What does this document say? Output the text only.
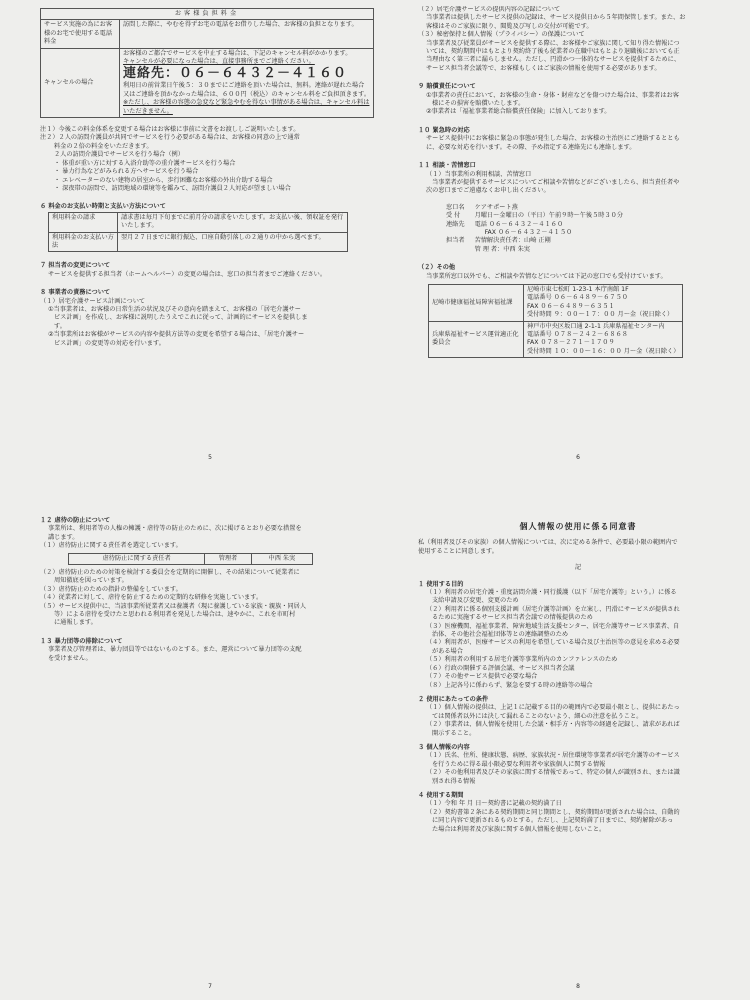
お客様負担料金	

サービス実施の為にお客様のお宅で使用する電話料金	訪問した際に、やむを得ずお宅の電話をお借りした場合、お客様の負担となります。

キャンセルの場合	お客様のご都合でサービスを中止する場合は、下記のキャンセル料がかかります。

キャンセルが必要になった場合は、直接事務所までご連絡ください。

連絡先：０６－６４３２－４１６０

利用日の前営業日午後５：３０までにご連絡を頂いた場合は、無料。連絡が遅れた場合又はご連絡を頂かなかった場合は、６００円（税込）のキャンセル料をご負担頂きます。

※ただし、お客様の容態の急変など緊急やむを得ない事情がある場合は、キャンセル料はいただきません。

注１）今後この料金体系を変更する場合はお客様に事前に文書をお渡ししご説明いたします。

注２）２人の訪問介護員が共同でサービスを行う必要がある場合は、お客様の同意の上で通常

料金の２倍の料金をいただきます。

２人の訪問介護員でサービスを行う場合（例）

・ 体重が重い方に対する入浴介助等の重介護サービスを行う場合

・ 暴力行為などがみられる方へサービスを行う場合

・ エレベーターのない建物の居室から、歩行困難なお客様の外出介助する場合

・ 深夜帯の訪問で、訪問地域の環境等を鑑みて、訪問介護員２人対応が望ましい場合

６ 料金のお支払い時期と支払い方法について

利用料金の請求	請求書は毎月下旬までに前月分の請求をいたします。お支払い後、領収証を発行いたします。
利用料金のお支払い方法	翌月２７日までに銀行振込、口座自動引落しの２通りの中から選べます。

７ 担当者の変更について

サービスを提供する担当者（ホームヘルパー）の変更の場合は、窓口の担当者までご連絡ください。

８ 事業者の責務について

（１）居宅介護サービス計画について

①当事業者は、お客様の日常生活の状況及びその意向を踏まえて、お客様の「居宅介護サー

ビス計画」を作成し、お客様に説明したうえでこれに従って、計画的にサービスを提供しま

す。

②当事業所はお客様がサービスの内容や提供方法等の変更を希望する場合は、「居宅介護サー

ビス計画」の変更等の対応を行います。

5

（２）居宅介護サービスの提供内容の記録について

当事業者は提供したサービス提供の記録は、サービス提供日から５年間保管します。また、お

客様はそのご家族に限り、閲覧及び写しの交付が可能です。

（３）秘密保持と個人情報（プライバシー）の保護について

当事業者及び従業員がサービスを提供する際に、お客様やご家族に関して知り得た情報につ

いては、契約期間中はもとより契約終了後も従業者の在職中はもとより退職後においても正

当理由なく第三者に漏らしません。ただし、円滑かつ一体的なサービスを提供するために、

サービス担当者会議等で、お客様もしくはご家族の情報を使用する必要があります。

９ 賠償責任について

①事業者の責任において、お客様の生命・身体・財産などを傷つけた場合は、事業者はお客

様にその損害を賠償いたします。

②事業者は「福祉事業者総合賠償責任保険」に加入しております。

１０ 緊急時の対応

サービス提供中にお客様に緊急の事態が発生した場合、お客様の主治医にご連絡するととも

に、必要な対応を行います。その際、予め指定する連絡先にも連絡します。

１１ 相談・苦情窓口

（１）当事業所の利用相談、苦情窓口

当事業者が提供するサービスについてご相談や苦情などがございましたら、担当責任者や

次の窓口までご遠慮なくお申し出ください。

窓口名	ケアサポート燕
受 付	月曜日～金曜日の（平日）午前９時～午後５時３０分
連絡先	電話 ０６－６４３２－４１６０
	FAX ０６－６４３２－４１５０
担当者	苦情解決責任者：山崎 正剛
	管 理 者：中西 朱実

（２）その他

当事業所窓口以外でも、ご相談や苦情などについては下記の窓口でも受付けています。

尼崎市健康福祉局障害福祉課	尼崎市東七松町 1-23-1 本庁南館 1F

電話番号 ０６－６４８９－６７５０

FAX ０６－６４８９－６３５１

受付時間 ９：００～１７：００ 月～金（祝日除く）

兵庫県福祉サービス運営適正化委員会	神戸市中央区坂口通 2-1-1 兵庫県福祉センター内

電話番号 ０７８－２４２－６８６８

FAX ０７８－２７１－１７０９

受付時間 １０：００～１６：００ 月～金（祝日除く）

6

１２ 虐待の防止について

事業所は、利用者等の人権の擁護・虐待等の防止のために、次に掲げるとおり必要な措置を

講じます。

（１）虐待防止に関する責任者を選定しています。

虐待防止に関する責任者	管理者	中西 朱実

（２）虐待防止のための対策を検討する委員会を定期的に開催し、その結果について従業者に

周知徹底を図っています。

（３）虐待防止のための指針の整備をしています。

（４）従業者に対して、虐待を防止するための定期的な研修を実施しています。

（５）サービス提供中に、当該事業所従業者又は養護者（現に養護している家族・親族・同居人

等）による虐待を受けたと思われる利用者を発見した場合は、速やかに、これを市町村

に通報します。

１３ 暴力団等の排除について

事業者及び管理者は、暴力団員等ではないものとする。また、運営について暴力団等の支配

を受けません。

7

個人情報の使用に係る同意書

私（利用者及びその家族）の個人情報については、次に定める条件で、必要最小限の範囲内で

使用することに同意します。

記

１ 使用する目的

（１）利用者の居宅介護・重度訪問介護・同行援護（以下「居宅介護等」という。）に係る

支給申請及び変更、変更のため

（２）利用者に係る個別支援計画（居宅介護等計画）を立案し、円滑にサービスが提供され

るために実施するサービス担当者会議での情報提供のため

（３）医療機関、福祉事業者、障害地域生活支援センター、居宅介護等サービス事業者、自

治体、その他社会福祉団体等との連絡調整のため

（４）利用者が、医療サービスの利用を希望している場合及び主治医等の意見を求める必要

がある場合

（５）利用者の利用する居宅介護等事業所内のカンファレンスのため

（６）行政の開催する評価会議、サービス担当者会議

（７）その他サービス提供で必要な場合

（８）上記各号に係わらず、緊急を要する時の連絡等の場合

２ 使用にあたっての条件

（１）個人情報の提供は、上記１に記載する目的の範囲内で必要最小限とし、提供にあたっ

ては関係者以外には決して漏れることのないよう、細心の注意を払うこと。

（２）事業者は、個人情報を使用した会議・相手方・内容等の経過を記録し、請求があれば

開示すること。

３ 個人情報の内容

（１）氏名、住所、健康状態、病歴、家族状況・居住環境等事業者が居宅介護等のサービス

を行うために得る最小限必要な利用者や家族個人に関する情報

（２）その他利用者及びその家族に関する情報であって、特定の個人が識別され、または識

別され得る情報

４ 使用する期間

（１）令和 年 月 日～契約書に記載の契約満了日

（２）契約書第２条にある契約期間と同じ期間とし、契約期間が更新された場合は、自動的

に同じ内容で更新されるものとする。ただし、上記契約満了日までに、契約解除があっ

た場合は利用者及び家族に関する個人情報を使用しないこと。

8
